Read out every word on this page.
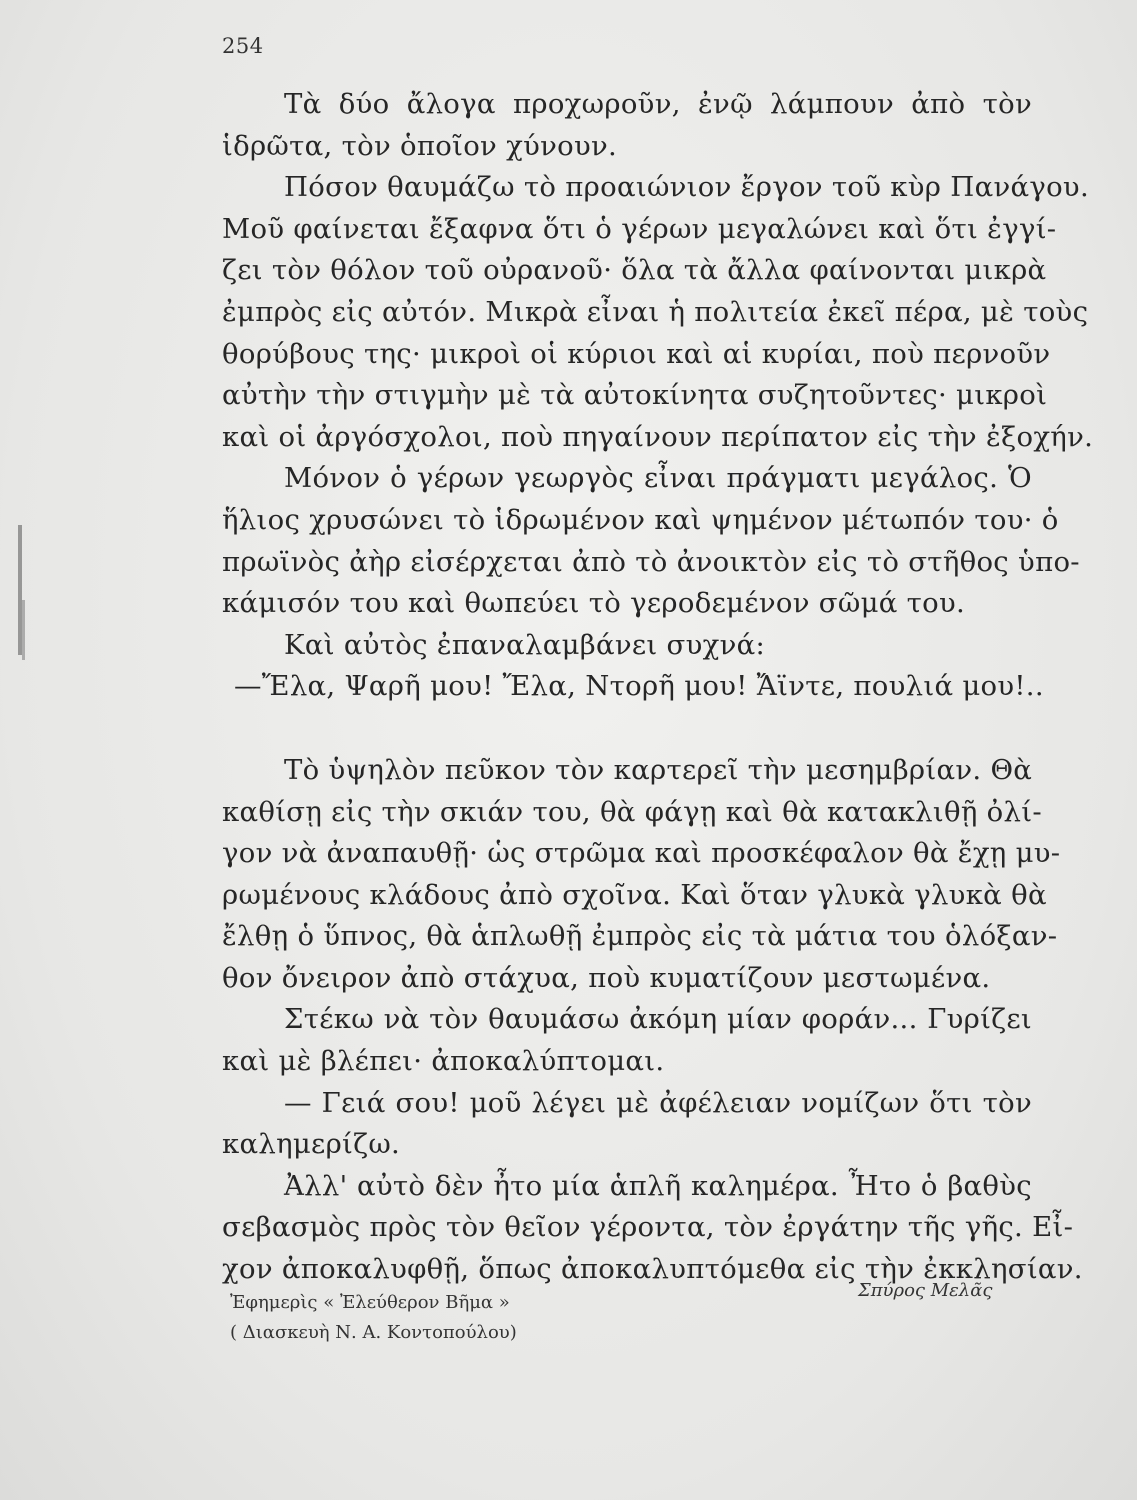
254
Τὰ δύο ἄλογα προχωροῦν, ἐνῷ λάμπουν ἀπὸ τὸν
ἱδρῶτα, τὸν ὁποῖον χύνουν.
Πόσον θαυμάζω τὸ προαιώνιον ἔργον τοῦ κὺρ Πανάγου.
Μοῦ φαίνεται ἔξαφνα ὅτι ὁ γέρων μεγαλώνει καὶ ὅτι ἐγγί-
ζει τὸν θόλον τοῦ οὐρανοῦ· ὅλα τὰ ἄλλα φαίνονται μικρὰ
ἐμπρὸς εἰς αὐτόν. Μικρὰ εἶναι ἡ πολιτεία ἐκεῖ πέρα, μὲ τοὺς
θορύβους της· μικροὶ οἱ κύριοι καὶ αἱ κυρίαι, ποὺ περνοῦν
αὐτὴν τὴν στιγμὴν μὲ τὰ αὐτοκίνητα συζητοῦντες· μικροὶ
καὶ οἱ ἀργόσχολοι, ποὺ πηγαίνουν περίπατον εἰς τὴν ἐξοχήν.
Μόνον ὁ γέρων γεωργὸς εἶναι πράγματι μεγάλος. Ὁ
ἥλιος χρυσώνει τὸ ἱδρωμένον καὶ ψημένον μέτωπόν του· ὁ
πρωϊνὸς ἀὴρ εἰσέρχεται ἀπὸ τὸ ἀνοικτὸν εἰς τὸ στῆθος ὑπο-
κάμισόν του καὶ θωπεύει τὸ γεροδεμένον σῶμά του.
Καὶ αὐτὸς ἐπαναλαμβάνει συχνά:
—Ἔλα, Ψαρῆ μου! Ἔλα, Ντορῆ μου! Ἄϊντε, πουλιά μου!..
Τὸ ὑψηλὸν πεῦκον τὸν καρτερεῖ τὴν μεσημβρίαν. Θὰ
καθίσῃ εἰς τὴν σκιάν του, θὰ φάγῃ καὶ θὰ κατακλιθῇ ὀλί-
γον νὰ ἀναπαυθῇ· ὡς στρῶμα καὶ προσκέφαλον θὰ ἔχῃ μυ-
ρωμένους κλάδους ἀπὸ σχοῖνα. Καὶ ὅταν γλυκὰ γλυκὰ θὰ
ἔλθῃ ὁ ὕπνος, θὰ ἁπλωθῇ ἐμπρὸς εἰς τὰ μάτια του ὁλόξαν-
θον ὄνειρον ἀπὸ στάχυα, ποὺ κυματίζουν μεστωμένα.
Στέκω νὰ τὸν θαυμάσω ἀκόμη μίαν φοράν... Γυρίζει
καὶ μὲ βλέπει· ἀποκαλύπτομαι.
— Γειά σου! μοῦ λέγει μὲ ἀφέλειαν νομίζων ὅτι τὸν
καλημερίζω.
Ἀλλ' αὐτὸ δὲν ἦτο μία ἁπλῆ καλημέρα. Ἦτο ὁ βαθὺς
σεβασμὸς πρὸς τὸν θεῖον γέροντα, τὸν ἐργάτην τῆς γῆς. Εἶ-
χον ἀποκαλυφθῇ, ὅπως ἀποκαλυπτόμεθα εἰς τὴν ἐκκλησίαν.
Ἐφημερὶς « Ἐλεύθερον Βῆμα »
( Διασκευὴ Ν. Α. Κοντοπούλου)
Σπύρος Μελᾶς
